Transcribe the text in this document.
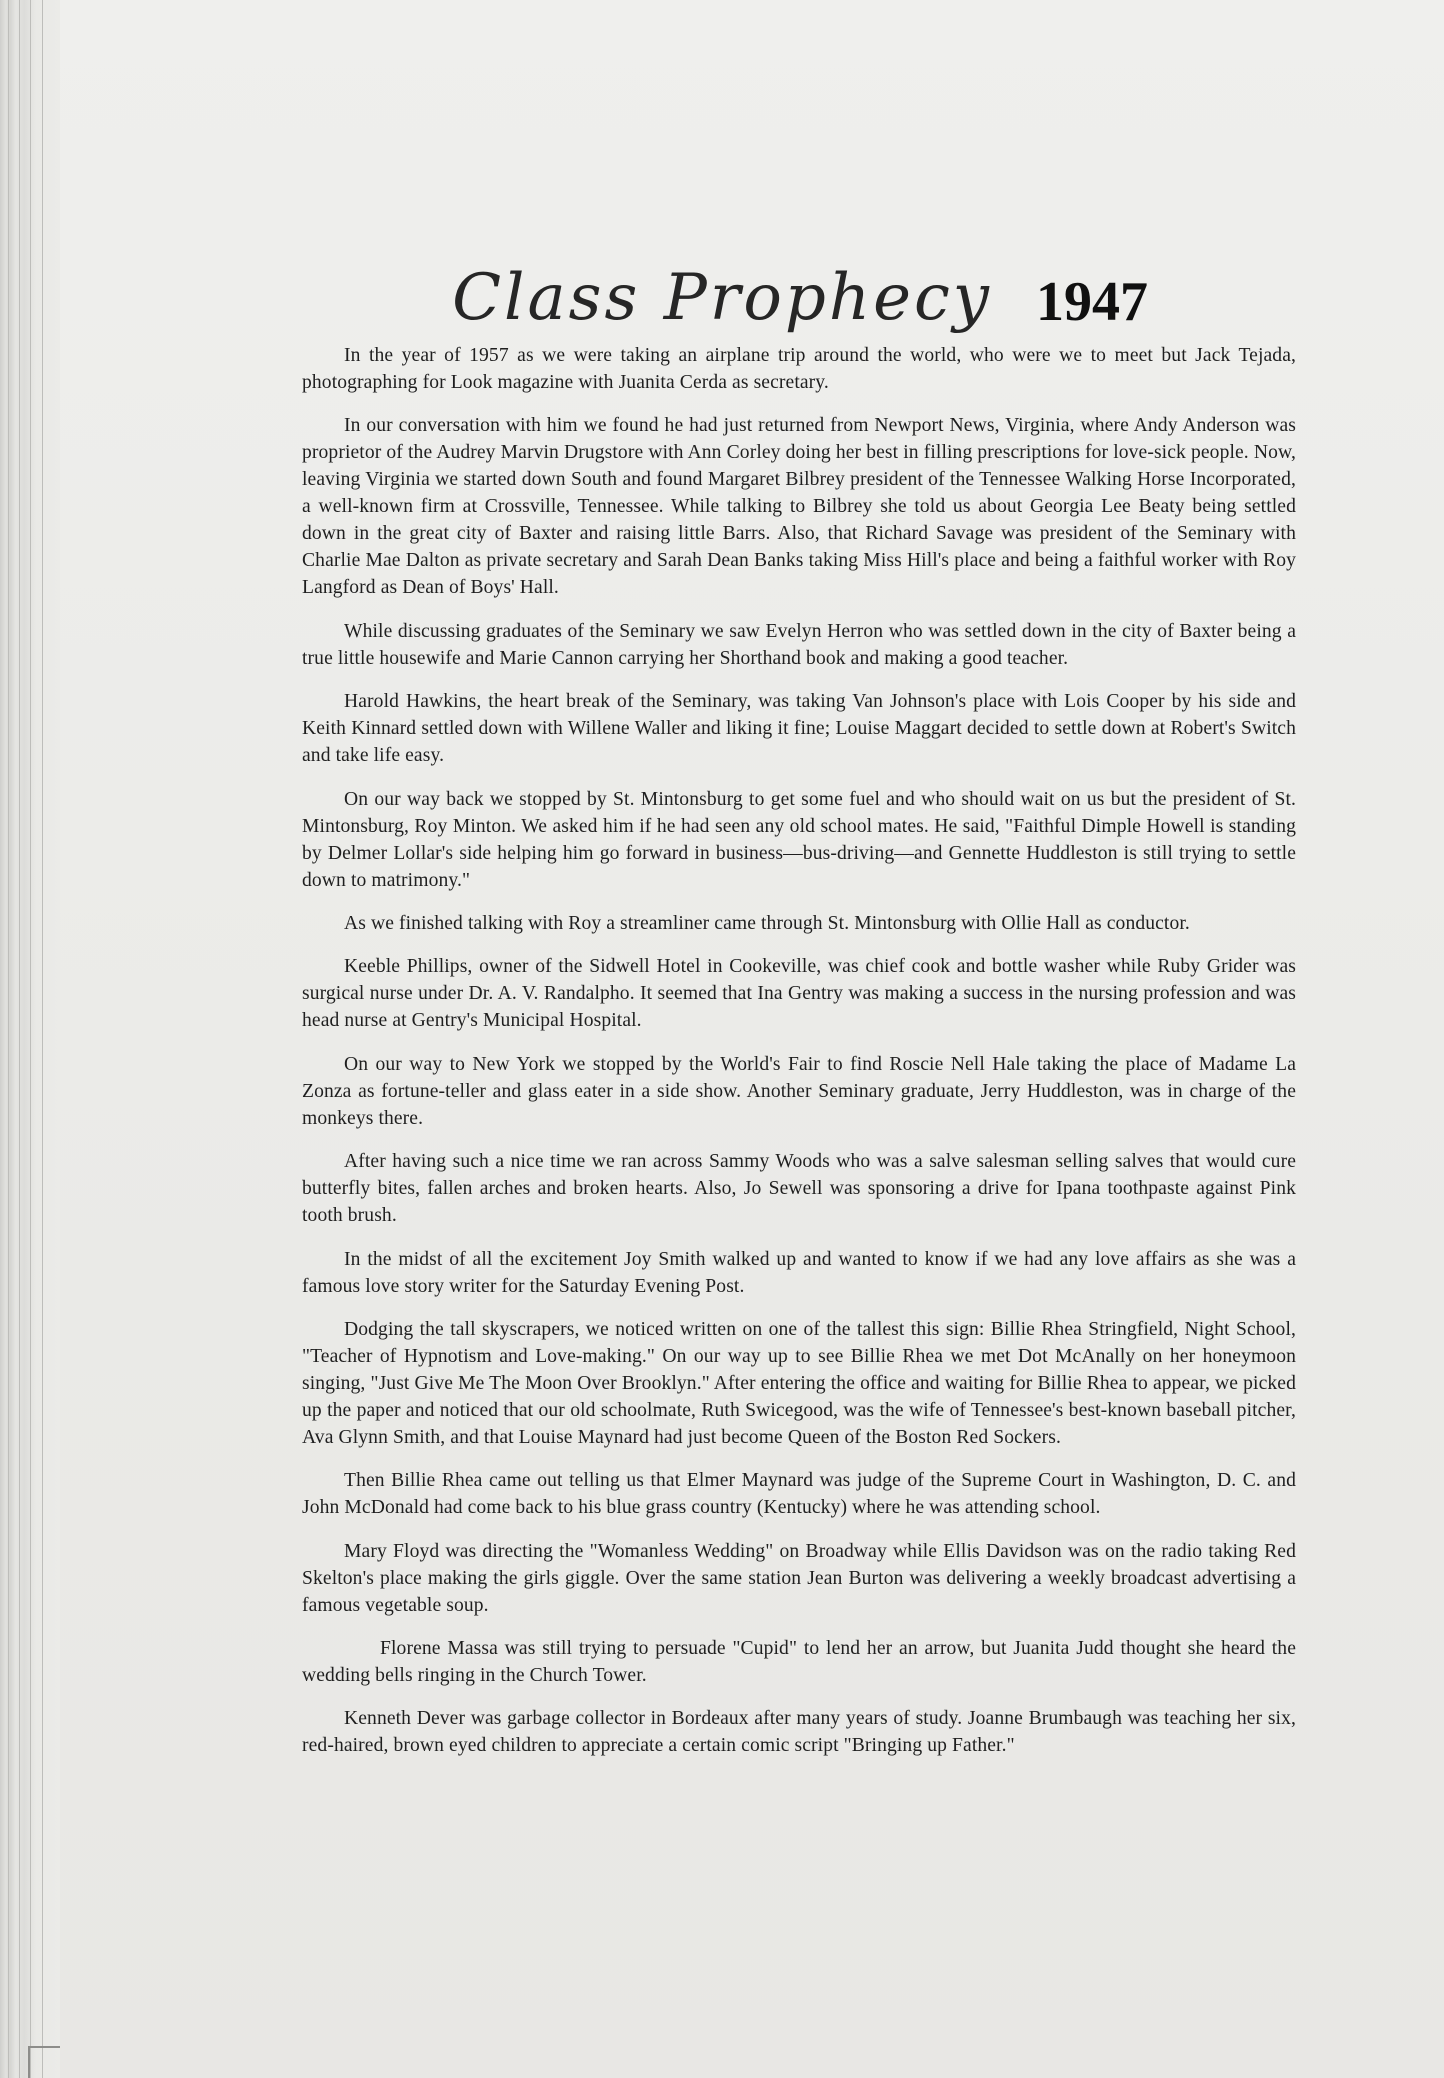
Class Prophecy 1947

In the year of 1957 as we were taking an airplane trip around the world, who were we to meet but Jack Tejada, photographing for Look magazine with Juanita Cerda as secretary.

In our conversation with him we found he had just returned from Newport News, Virginia, where Andy Anderson was proprietor of the Audrey Marvin Drugstore with Ann Corley doing her best in filling prescriptions for love-sick people. Now, leaving Virginia we started down South and found Margaret Bilbrey president of the Tennessee Walking Horse Incorporated, a well-known firm at Crossville, Tennessee. While talking to Bilbrey she told us about Georgia Lee Beaty being settled down in the great city of Baxter and raising little Barrs. Also, that Richard Savage was president of the Seminary with Charlie Mae Dalton as private secretary and Sarah Dean Banks taking Miss Hill's place and being a faithful worker with Roy Langford as Dean of Boys' Hall.

While discussing graduates of the Seminary we saw Evelyn Herron who was settled down in the city of Baxter being a true little housewife and Marie Cannon carrying her Shorthand book and making a good teacher.

Harold Hawkins, the heart break of the Seminary, was taking Van Johnson's place with Lois Cooper by his side and Keith Kinnard settled down with Willene Waller and liking it fine; Louise Maggart decided to settle down at Robert's Switch and take life easy.

On our way back we stopped by St. Mintonsburg to get some fuel and who should wait on us but the president of St. Mintonsburg, Roy Minton. We asked him if he had seen any old school mates. He said, "Faithful Dimple Howell is standing by Delmer Lollar's side helping him go forward in business—bus-driving—and Gennette Huddleston is still trying to settle down to matrimony."

As we finished talking with Roy a streamliner came through St. Mintonsburg with Ollie Hall as conductor.

Keeble Phillips, owner of the Sidwell Hotel in Cookeville, was chief cook and bottle washer while Ruby Grider was surgical nurse under Dr. A. V. Randalpho. It seemed that Ina Gentry was making a success in the nursing profession and was head nurse at Gentry's Municipal Hospital.

On our way to New York we stopped by the World's Fair to find Roscie Nell Hale taking the place of Madame La Zonza as fortune-teller and glass eater in a side show. Another Seminary graduate, Jerry Huddleston, was in charge of the monkeys there.

After having such a nice time we ran across Sammy Woods who was a salve salesman selling salves that would cure butterfly bites, fallen arches and broken hearts. Also, Jo Sewell was sponsoring a drive for Ipana toothpaste against Pink tooth brush.

In the midst of all the excitement Joy Smith walked up and wanted to know if we had any love affairs as she was a famous love story writer for the Saturday Evening Post.

Dodging the tall skyscrapers, we noticed written on one of the tallest this sign: Billie Rhea Stringfield, Night School, "Teacher of Hypnotism and Love-making." On our way up to see Billie Rhea we met Dot McAnally on her honeymoon singing, "Just Give Me The Moon Over Brooklyn." After entering the office and waiting for Billie Rhea to appear, we picked up the paper and noticed that our old schoolmate, Ruth Swicegood, was the wife of Tennessee's best-known baseball pitcher, Ava Glynn Smith, and that Louise Maynard had just become Queen of the Boston Red Sockers.

Then Billie Rhea came out telling us that Elmer Maynard was judge of the Supreme Court in Washington, D. C. and John McDonald had come back to his blue grass country (Kentucky) where he was attending school.

Mary Floyd was directing the "Womanless Wedding" on Broadway while Ellis Davidson was on the radio taking Red Skelton's place making the girls giggle. Over the same station Jean Burton was delivering a weekly broadcast advertising a famous vegetable soup.

Florene Massa was still trying to persuade "Cupid" to lend her an arrow, but Juanita Judd thought she heard the wedding bells ringing in the Church Tower.

Kenneth Dever was garbage collector in Bordeaux after many years of study. Joanne Brumbaugh was teaching her six, red-haired, brown eyed children to appreciate a certain comic script "Bringing up Father."
